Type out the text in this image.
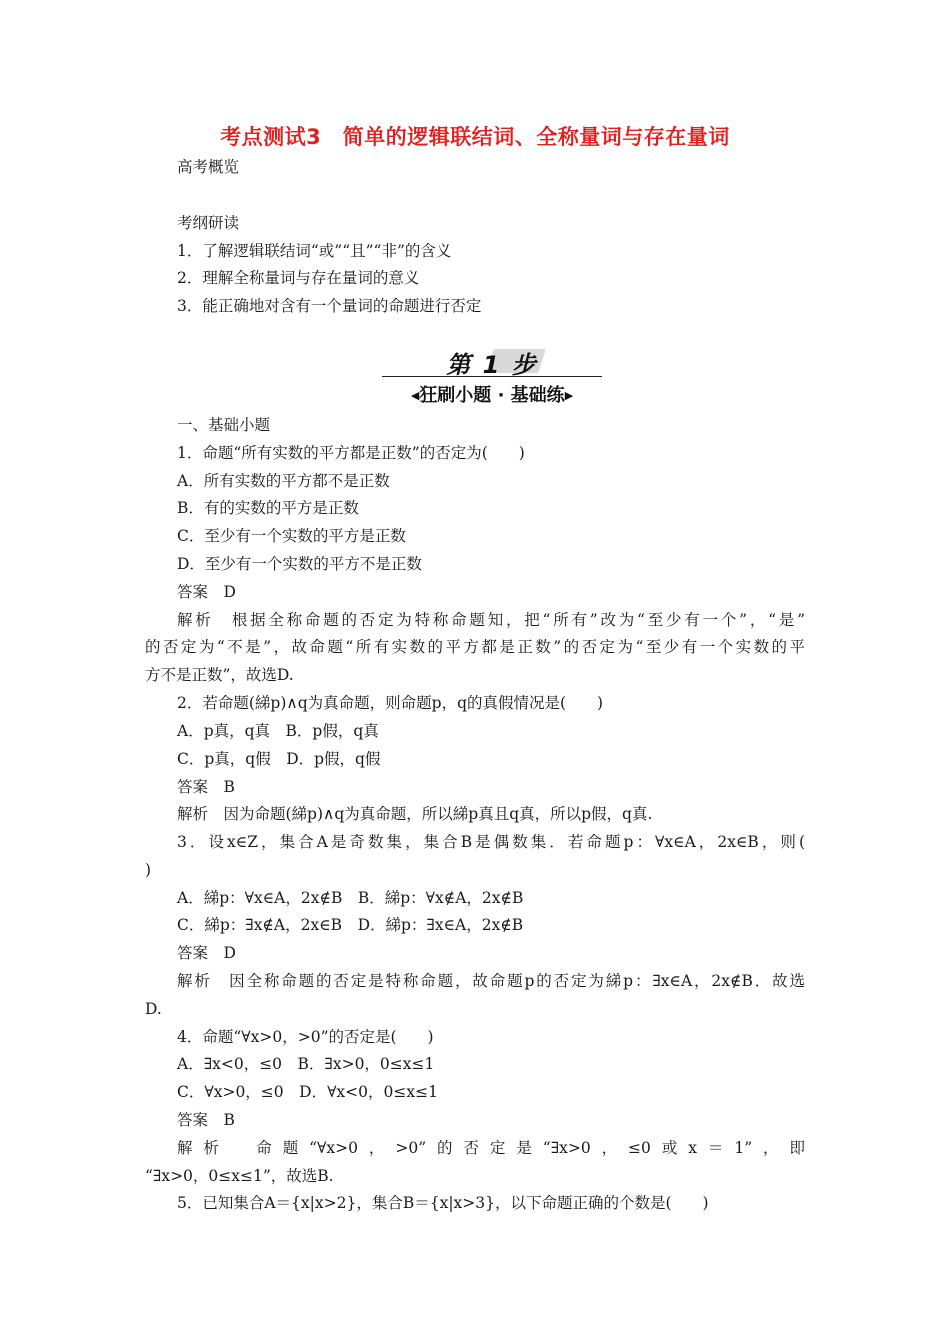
考点测试3　简单的逻辑联结词、全称量词与存在量词
高考概览
考纲研读
1．了解逻辑联结词“或”“且”“非”的含义
2．理解全称量词与存在量词的意义
3．能正确地对含有一个量词的命题进行否定
第 1 步
◀狂刷小题 · 基础练▶
一、基础小题
1．命题“所有实数的平方都是正数”的否定为(　　)
A．所有实数的平方都不是正数
B．有的实数的平方是正数
C．至少有一个实数的平方是正数
D．至少有一个实数的平方不是正数
答案　D
解析　根据全称命题的否定为特称命题知，把“所有”改为“至少有一个”，“是”
的否定为“不是”，故命题“所有实数的平方都是正数”的否定为“至少有一个实数的平
方不是正数”，故选D.
2．若命题(綈p)∧q为真命题，则命题p，q的真假情况是(　　)
A．p真，q真　B．p假，q真
C．p真，q假　D．p假，q假
答案　B
解析　因为命题(綈p)∧q为真命题，所以綈p真且q真，所以p假，q真.
3．设x∈Z，集合A是奇数集，集合B是偶数集．若命题p：∀x∈A，2x∈B，则(
)
A．綈p：∀x∈A，2x∉B　B．綈p：∀x∉A，2x∉B
C．綈p：∃x∉A，2x∈B　D．綈p：∃x∈A，2x∉B
答案　D
解析　因全称命题的否定是特称命题，故命题p的否定为綈p：∃x∈A，2x∉B．故选
D.
4．命题“∀x>0，>0”的否定是(　　)
A．∃x<0，≤0　B．∃x>0，0≤x≤1
C．∀x>0，≤0　D．∀x<0，0≤x≤1
答案　B
解析　命题“∀x>0，>0”的否定是“∃x>0，≤0或x＝1”，即
“∃x>0，0≤x≤1”，故选B.
5．已知集合A＝{x|x>2}，集合B＝{x|x>3}，以下命题正确的个数是(　　)
